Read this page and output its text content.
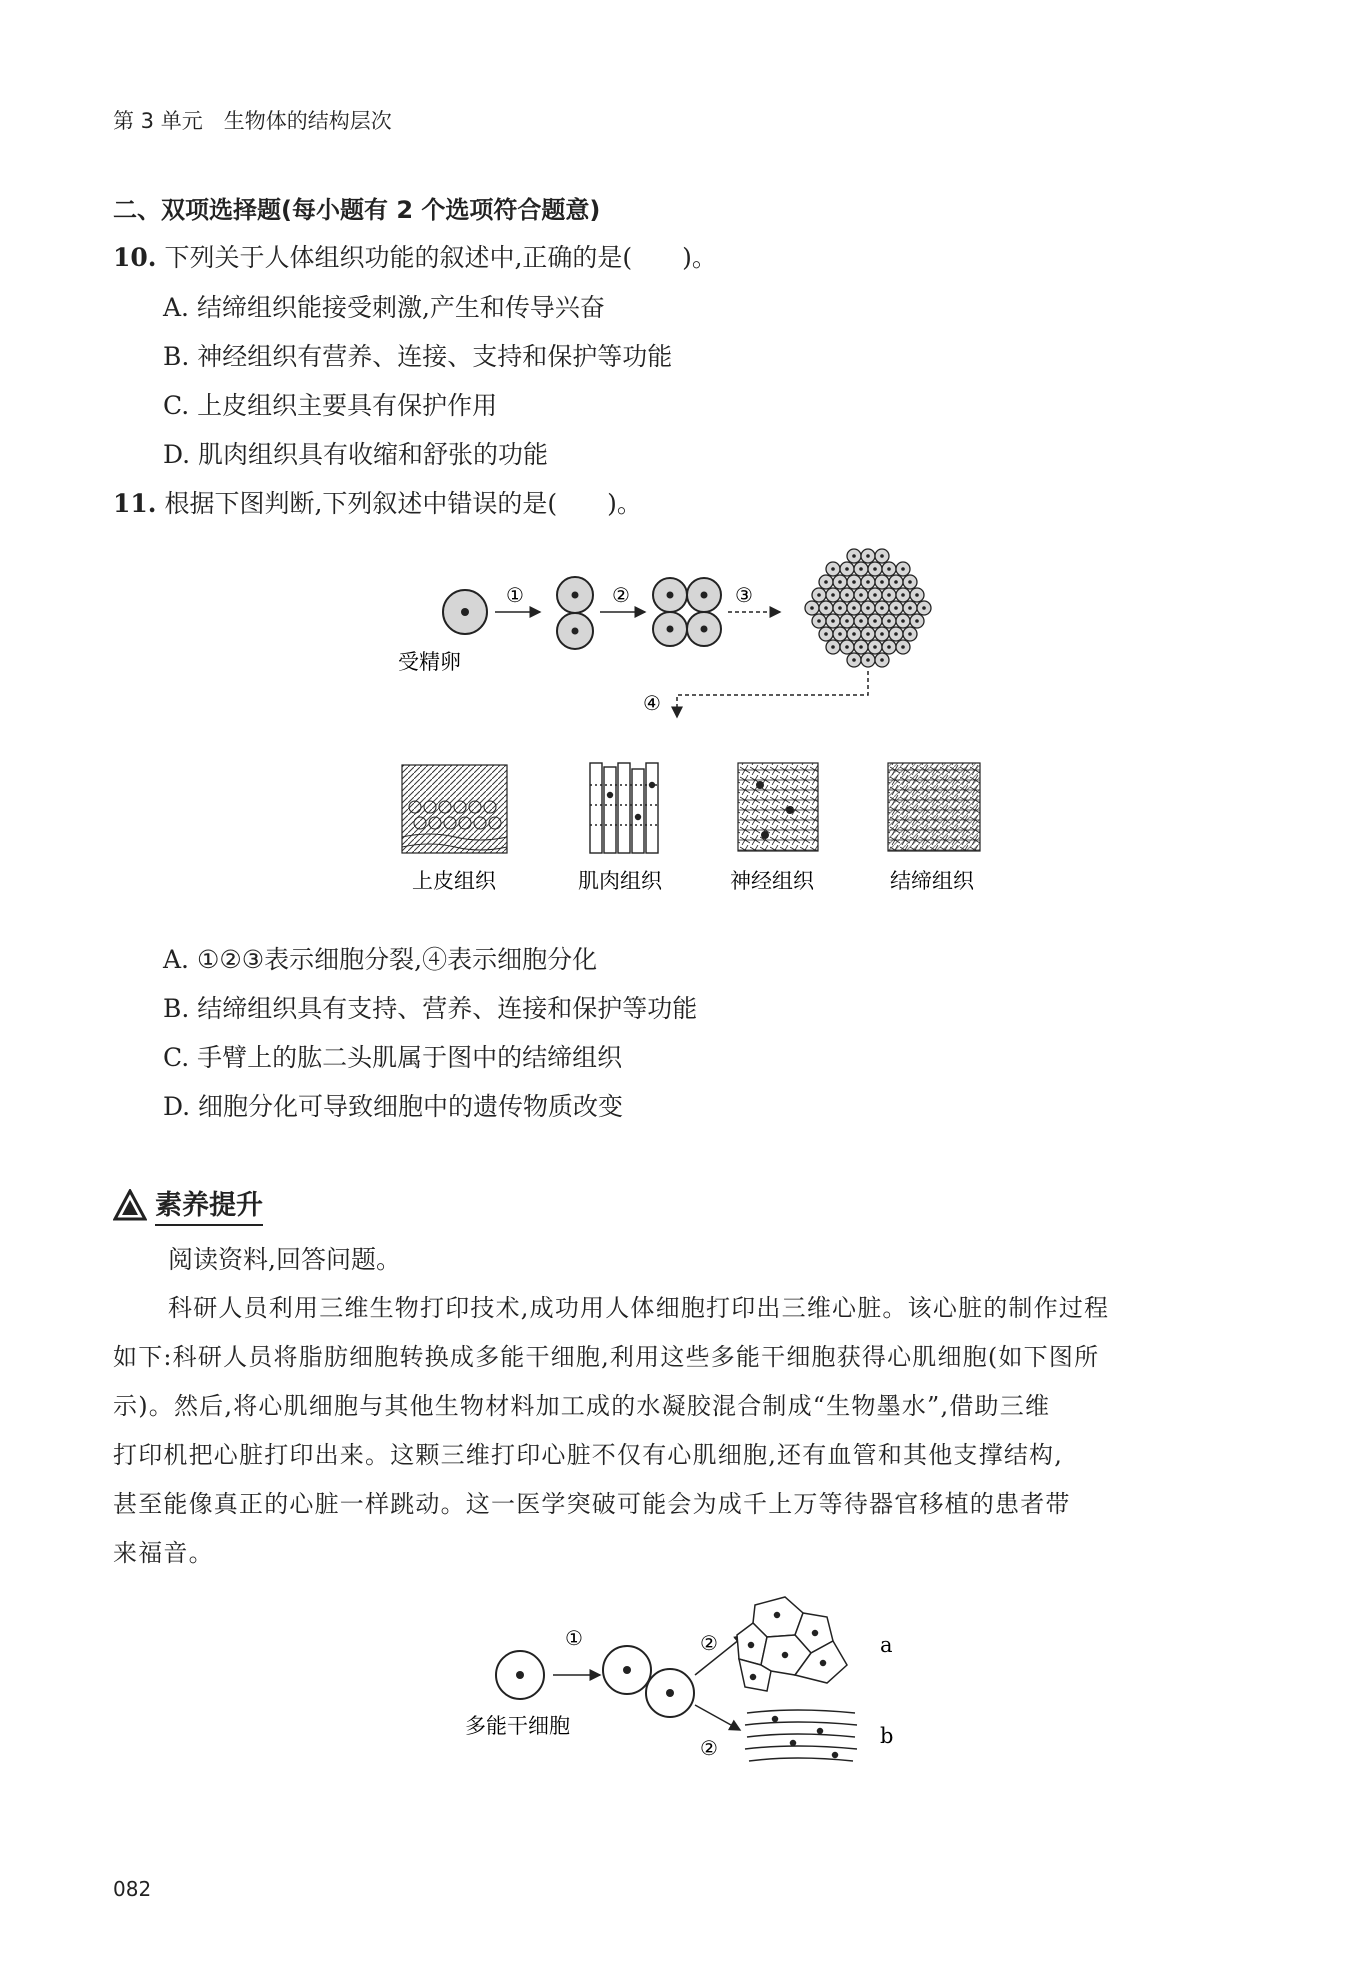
第 3 单元　生物体的结构层次
二、双项选择题(每小题有 2 个选项符合题意)
10. 下列关于人体组织功能的叙述中,正确的是(　　)。
A. 结缔组织能接受刺激,产生和传导兴奋
B. 神经组织有营养、连接、支持和保护等功能
C. 上皮组织主要具有保护作用
D. 肌肉组织具有收缩和舒张的功能
11. 根据下图判断,下列叙述中错误的是(　　)。
受精卵
①	②	③
④
上皮组织	肌肉组织	神经组织	结缔组织
A. ①②③表示细胞分裂,④表示细胞分化
B. 结缔组织具有支持、营养、连接和保护等功能
C. 手臂上的肱二头肌属于图中的结缔组织
D. 细胞分化可导致细胞中的遗传物质改变
素养提升
阅读资料,回答问题。
科研人员利用三维生物打印技术,成功用人体细胞打印出三维心脏。该心脏的制作过程
如下:科研人员将脂肪细胞转换成多能干细胞,利用这些多能干细胞获得心肌细胞(如下图所
示)。然后,将心肌细胞与其他生物材料加工成的水凝胶混合制成“生物墨水”,借助三维
打印机把心脏打印出来。这颗三维打印心脏不仅有心肌细胞,还有血管和其他支撑结构,
甚至能像真正的心脏一样跳动。这一医学突破可能会为成千上万等待器官移植的患者带
来福音。
多能干细胞
①	②
②
a
b
082
